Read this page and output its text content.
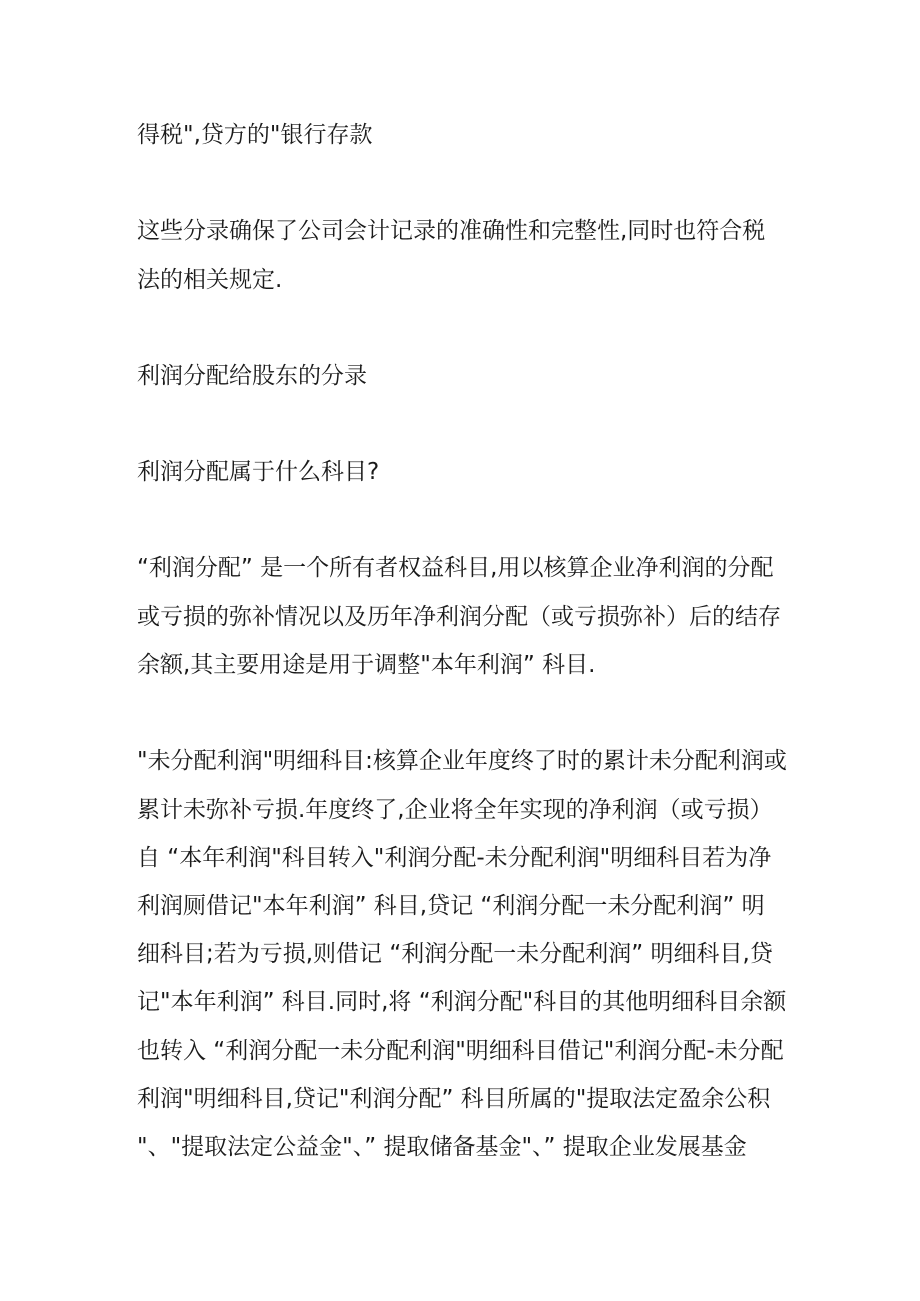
得税",贷方的"银行存款
这些分录确保了公司会计记录的准确性和完整性,同时也符合税
法的相关规定.
利润分配给股东的分录
利润分配属于什么科目?
“利润分配” 是一个所有者权益科目,用以核算企业净利润的分配
或亏损的弥补情况以及历年净利润分配（或亏损弥补）后的结存
余额,其主要用途是用于调整"本年利润” 科目.
"未分配利润"明细科目:核算企业年度终了时的累计未分配利润或
累计未弥补亏损.年度终了,企业将全年实现的净利润（或亏损）
自 “本年利润"科目转入"利润分配-未分配利润"明细科目若为净
利润厕借记"本年利润” 科目,贷记 “利润分配一未分配利润” 明
细科目;若为亏损,则借记 “利润分配一未分配利润” 明细科目,贷
记"本年利润” 科目.同时,将 “利润分配"科目的其他明细科目余额
也转入 “利润分配一未分配利润"明细科目借记"利润分配-未分配
利润"明细科目,贷记"利润分配” 科目所属的"提取法定盈余公积
"、"提取法定公益金"、” 提取储备基金"、” 提取企业发展基金
